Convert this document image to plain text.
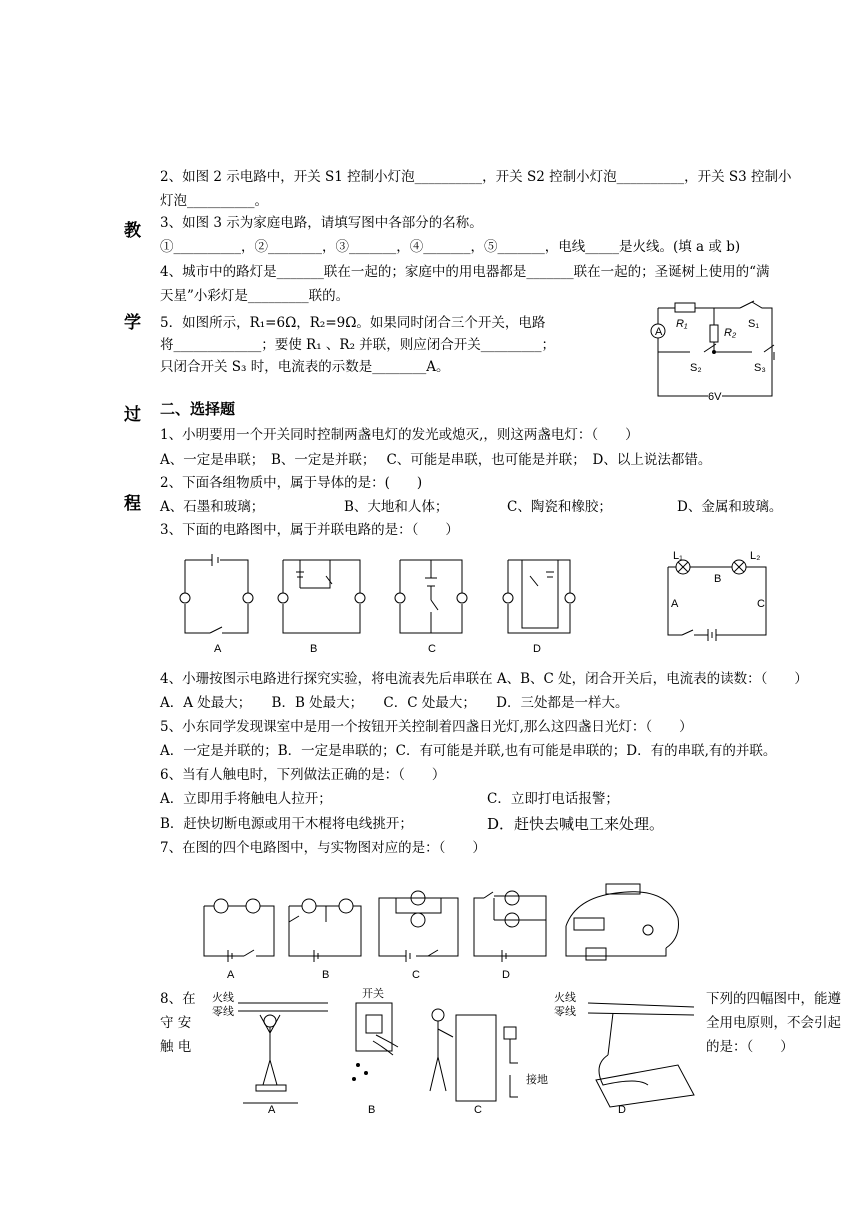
教
学
过
程
2、如图 2 示电路中，开关 S1 控制小灯泡__________，开关 S2 控制小灯泡__________，开关 S3 控制小
灯泡__________。
3、如图 3 示为家庭电路，请填写图中各部分的名称。
①__________，②________，③_______，④_______，⑤_______，电线_____是火线。(填 a 或 b)
4、城市中的路灯是_______联在一起的；家庭中的用电器都是_______联在一起的；圣诞树上使用的“满
天星”小彩灯是_________联的。
5．如图所示，R₁=6Ω，R₂=9Ω。如果同时闭合三个开关，电路
将_____________；要使 R₁ 、R₂ 并联，则应闭合开关_________；
只闭合开关 S₃ 时，电流表的示数是________A。
A
R₁
R₂
S₁
S₂	S₃
6V
二、选择题
1、小明要用一个开关同时控制两盏电灯的发光或熄灭,，则这两盏电灯：（　　）
A、一定是串联；　B、一定是并联；　 C、可能是串联，也可能是并联；　D、以上说法都错。
2、下面各组物质中，属于导体的是：(　　)
A、石墨和玻璃；	B、大地和人体；	C、陶瓷和橡胶；	D、金属和玻璃。
3、下面的电路图中，属于并联电路的是：（　　）
A	B	C	D
L₁	L₂
A
B
C
4、小珊按图示电路进行探究实验，将电流表先后串联在 A、B、C 处，闭合开关后，电流表的读数：（　　）
A．A 处最大；　　B．B 处最大；　　C．C 处最大；　　D．三处都是一样大。
5、小东同学发现课室中是用一个按钮开关控制着四盏日光灯,那么这四盏日光灯：（　　）
A．一定是并联的；B．一定是串联的；C．有可能是并联,也有可能是串联的；D．有的串联,有的并联。
6、当有人触电时，下列做法正确的是：（　　）
A．立即用手将触电人拉开；	C．立即打电话报警；
B．赶快切断电源或用干木棍将电线挑开；	D．赶快去喊电工来处理。
7、在图的四个电路图中，与实物图对应的是：（　　）
A	B	C	D
8、在
守 安
触 电
下列的四幅图中，能遵
全用电原则，不会引起
的是：（　　）
火线
零线
开关
接地
火线
零线
A	B	C	D
